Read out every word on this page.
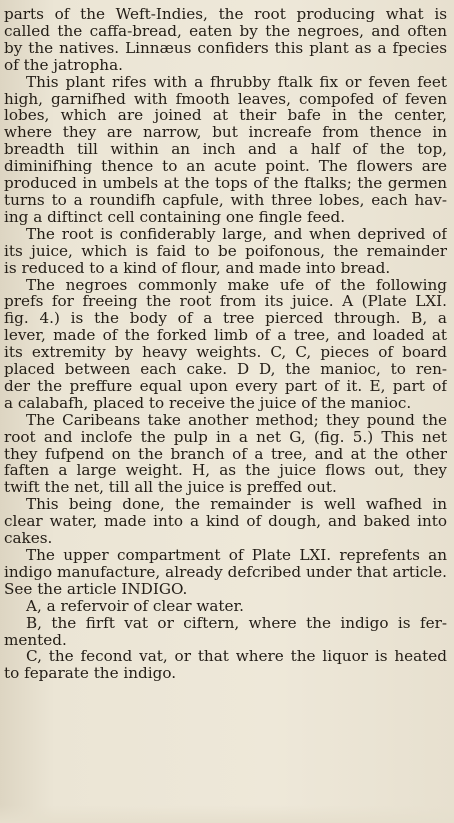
parts of the Weft-Indies, the root producing what is
called the caffa-bread, eaten by the negroes, and often
by the natives. Linnæus confiders this plant as a fpecies
of the jatropha.
This plant rifes with a fhrubby ftalk fix or feven feet
high, garnifhed with fmooth leaves, compofed of feven
lobes, which are joined at their bafe in the center,
where they are narrow, but increafe from thence in
breadth till within an inch and a half of the top,
diminifhing thence to an acute point. The flowers are
produced in umbels at the tops of the ftalks; the germen
turns to a roundifh capfule, with three lobes, each hav-
ing a diftinct cell containing one fingle feed.
The root is confiderably large, and when deprived of
its juice, which is faid to be poifonous, the remainder
is reduced to a kind of flour, and made into bread.
The negroes commonly make ufe of the following
prefs for freeing the root from its juice. A (Plate LXI.
fig. 4.) is the body of a tree pierced through. B, a
lever, made of the forked limb of a tree, and loaded at
its extremity by heavy weights. C, C, pieces of board
placed between each cake. D D, the manioc, to ren-
der the preffure equal upon every part of it. E, part of
a calabafh, placed to receive the juice of the manioc.
The Caribeans take another method; they pound the
root and inclofe the pulp in a net G, (fig. 5.) This net
they fufpend on the branch of a tree, and at the other
faften a large weight. H, as the juice flows out, they
twift the net, till all the juice is preffed out.
This being done, the remainder is well wafhed in
clear water, made into a kind of dough, and baked into
cakes.
The upper compartment of Plate LXI. reprefents an
indigo manufacture, already defcribed under that article.
See the article INDIGO.
A, a refervoir of clear water.
B, the firft vat or ciftern, where the indigo is fer-
mented.
C, the fecond vat, or that where the liquor is heated
to feparate the indigo.
